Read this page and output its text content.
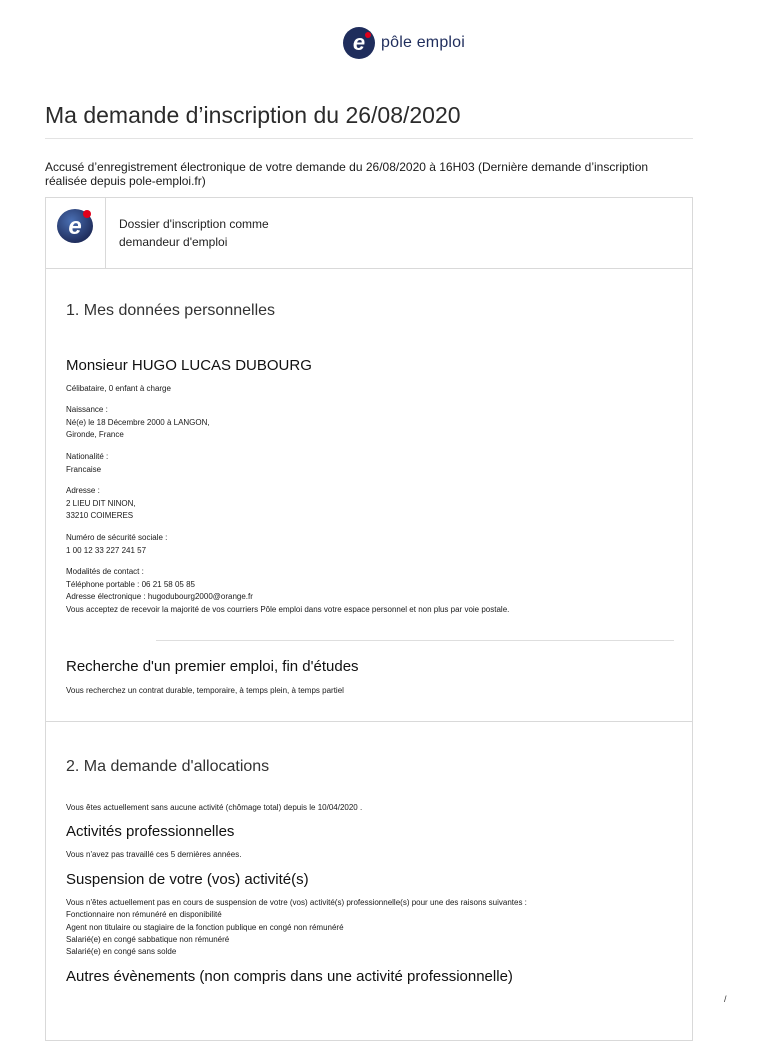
e pôle emploi
Ma demande d’inscription du 26/08/2020
Accusé d’enregistrement électronique de votre demande du 26/08/2020 à 16H03 (Dernière demande d’inscription réalisée depuis pole-emploi.fr)
e	Dossier d'inscription comme
demandeur d'emploi
1. Mes données personnelles
Monsieur HUGO LUCAS DUBOURG
Célibataire, 0 enfant à charge
Naissance :
Né(e) le 18 Décembre 2000 à LANGON,
Gironde, France
Nationalité :
Francaise
Adresse :
2 LIEU DIT NINON,
33210 COIMERES
Numéro de sécurité sociale :
1 00 12 33 227 241 57
Modalités de contact :
Téléphone portable : 06 21 58 05 85
Adresse électronique : hugodubourg2000@orange.fr
Vous acceptez de recevoir la majorité de vos courriers Pôle emploi dans votre espace personnel et non plus par voie postale.
Recherche d'un premier emploi, fin d'études
Vous recherchez un contrat durable, temporaire, à temps plein, à temps partiel
2. Ma demande d'allocations
Vous êtes actuellement sans aucune activité (chômage total) depuis le 10/04/2020 .
Activités professionnelles
Vous n'avez pas travaillé ces 5 dernières années.
Suspension de votre (vos) activité(s)
Vous n'êtes actuellement pas en cours de suspension de votre (vos) activité(s) professionnelle(s) pour une des raisons suivantes :
Fonctionnaire non rémunéré en disponibilité
Agent non titulaire ou stagiaire de la fonction publique en congé non rémunéré
Salarié(e) en congé sabbatique non rémunéré
Salarié(e) en congé sans solde
Autres évènements (non compris dans une activité professionnelle)
/
